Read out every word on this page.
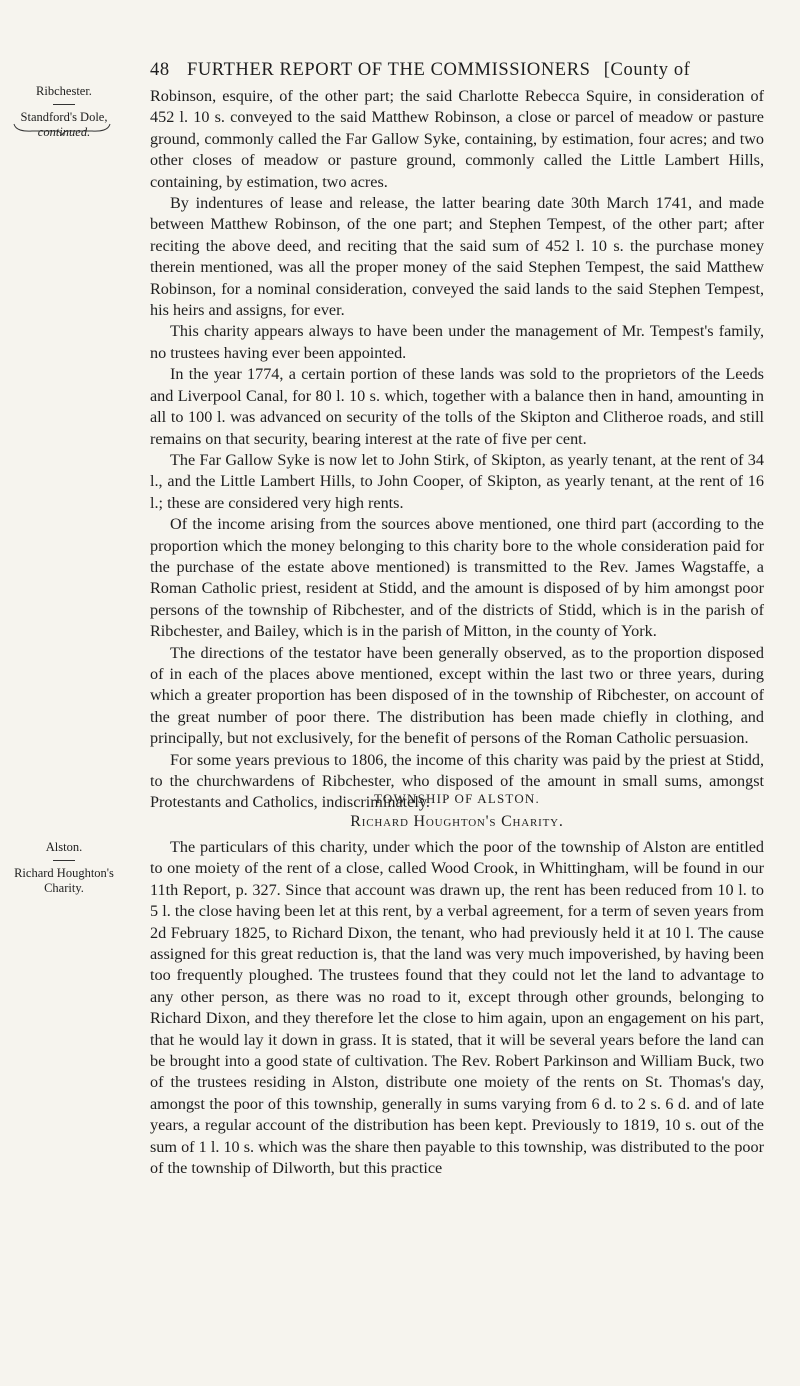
48 FURTHER REPORT OF THE COMMISSIONERS [County of
Ribchester.
Standford's Dole,
continued.

Robinson, esquire, of the other part; the said Charlotte Rebecca Squire, in consideration of 452 l. 10 s. conveyed to the said Matthew Robinson, a close or parcel of meadow or pasture ground, commonly called the Far Gallow Syke, containing, by estimation, four acres; and two other closes of meadow or pasture ground, commonly called the Little Lambert Hills, containing, by estimation, two acres.

By indentures of lease and release, the latter bearing date 30th March 1741, and made between Matthew Robinson, of the one part; and Stephen Tempest, of the other part; after reciting the above deed, and reciting that the said sum of 452 l. 10 s. the purchase money therein mentioned, was all the proper money of the said Stephen Tempest, the said Matthew Robinson, for a nominal consideration, conveyed the said lands to the said Stephen Tempest, his heirs and assigns, for ever.

This charity appears always to have been under the management of Mr. Tempest's family, no trustees having ever been appointed.

In the year 1774, a certain portion of these lands was sold to the proprietors of the Leeds and Liverpool Canal, for 80 l. 10 s. which, together with a balance then in hand, amounting in all to 100 l. was advanced on security of the tolls of the Skipton and Clitheroe roads, and still remains on that security, bearing interest at the rate of five per cent.

The Far Gallow Syke is now let to John Stirk, of Skipton, as yearly tenant, at the rent of 34 l., and the Little Lambert Hills, to John Cooper, of Skipton, as yearly tenant, at the rent of 16 l.; these are considered very high rents.

Of the income arising from the sources above mentioned, one third part (according to the proportion which the money belonging to this charity bore to the whole consideration paid for the purchase of the estate above mentioned) is transmitted to the Rev. James Wagstaffe, a Roman Catholic priest, resident at Stidd, and the amount is disposed of by him amongst poor persons of the township of Ribchester, and of the districts of Stidd, which is in the parish of Ribchester, and Bailey, which is in the parish of Mitton, in the county of York.

The directions of the testator have been generally observed, as to the proportion disposed of in each of the places above mentioned, except within the last two or three years, during which a greater proportion has been disposed of in the township of Ribchester, on account of the great number of poor there. The distribution has been made chiefly in clothing, and principally, but not exclusively, for the benefit of persons of the Roman Catholic persuasion.

For some years previous to 1806, the income of this charity was paid by the priest at Stidd, to the churchwardens of Ribchester, who disposed of the amount in small sums, amongst Protestants and Catholics, indiscriminately.

TOWNSHIP OF ALSTON.
Richard Houghton's Charity.
Alston.
Richard Houghton's
Charity.

The particulars of this charity, under which the poor of the township of Alston are entitled to one moiety of the rent of a close, called Wood Crook, in Whittingham, will be found in our 11th Report, p. 327. Since that account was drawn up, the rent has been reduced from 10 l. to 5 l. the close having been let at this rent, by a verbal agreement, for a term of seven years from 2d February 1825, to Richard Dixon, the tenant, who had previously held it at 10 l. The cause assigned for this great reduction is, that the land was very much impoverished, by having been too frequently ploughed. The trustees found that they could not let the land to advantage to any other person, as there was no road to it, except through other grounds, belonging to Richard Dixon, and they therefore let the close to him again, upon an engagement on his part, that he would lay it down in grass. It is stated, that it will be several years before the land can be brought into a good state of cultivation. The Rev. Robert Parkinson and William Buck, two of the trustees residing in Alston, distribute one moiety of the rents on St. Thomas's day, amongst the poor of this township, generally in sums varying from 6 d. to 2 s. 6 d. and of late years, a regular account of the distribution has been kept. Previously to 1819, 10 s. out of the sum of 1 l. 10 s. which was the share then payable to this township, was distributed to the poor of the township of Dilworth, but this practice
